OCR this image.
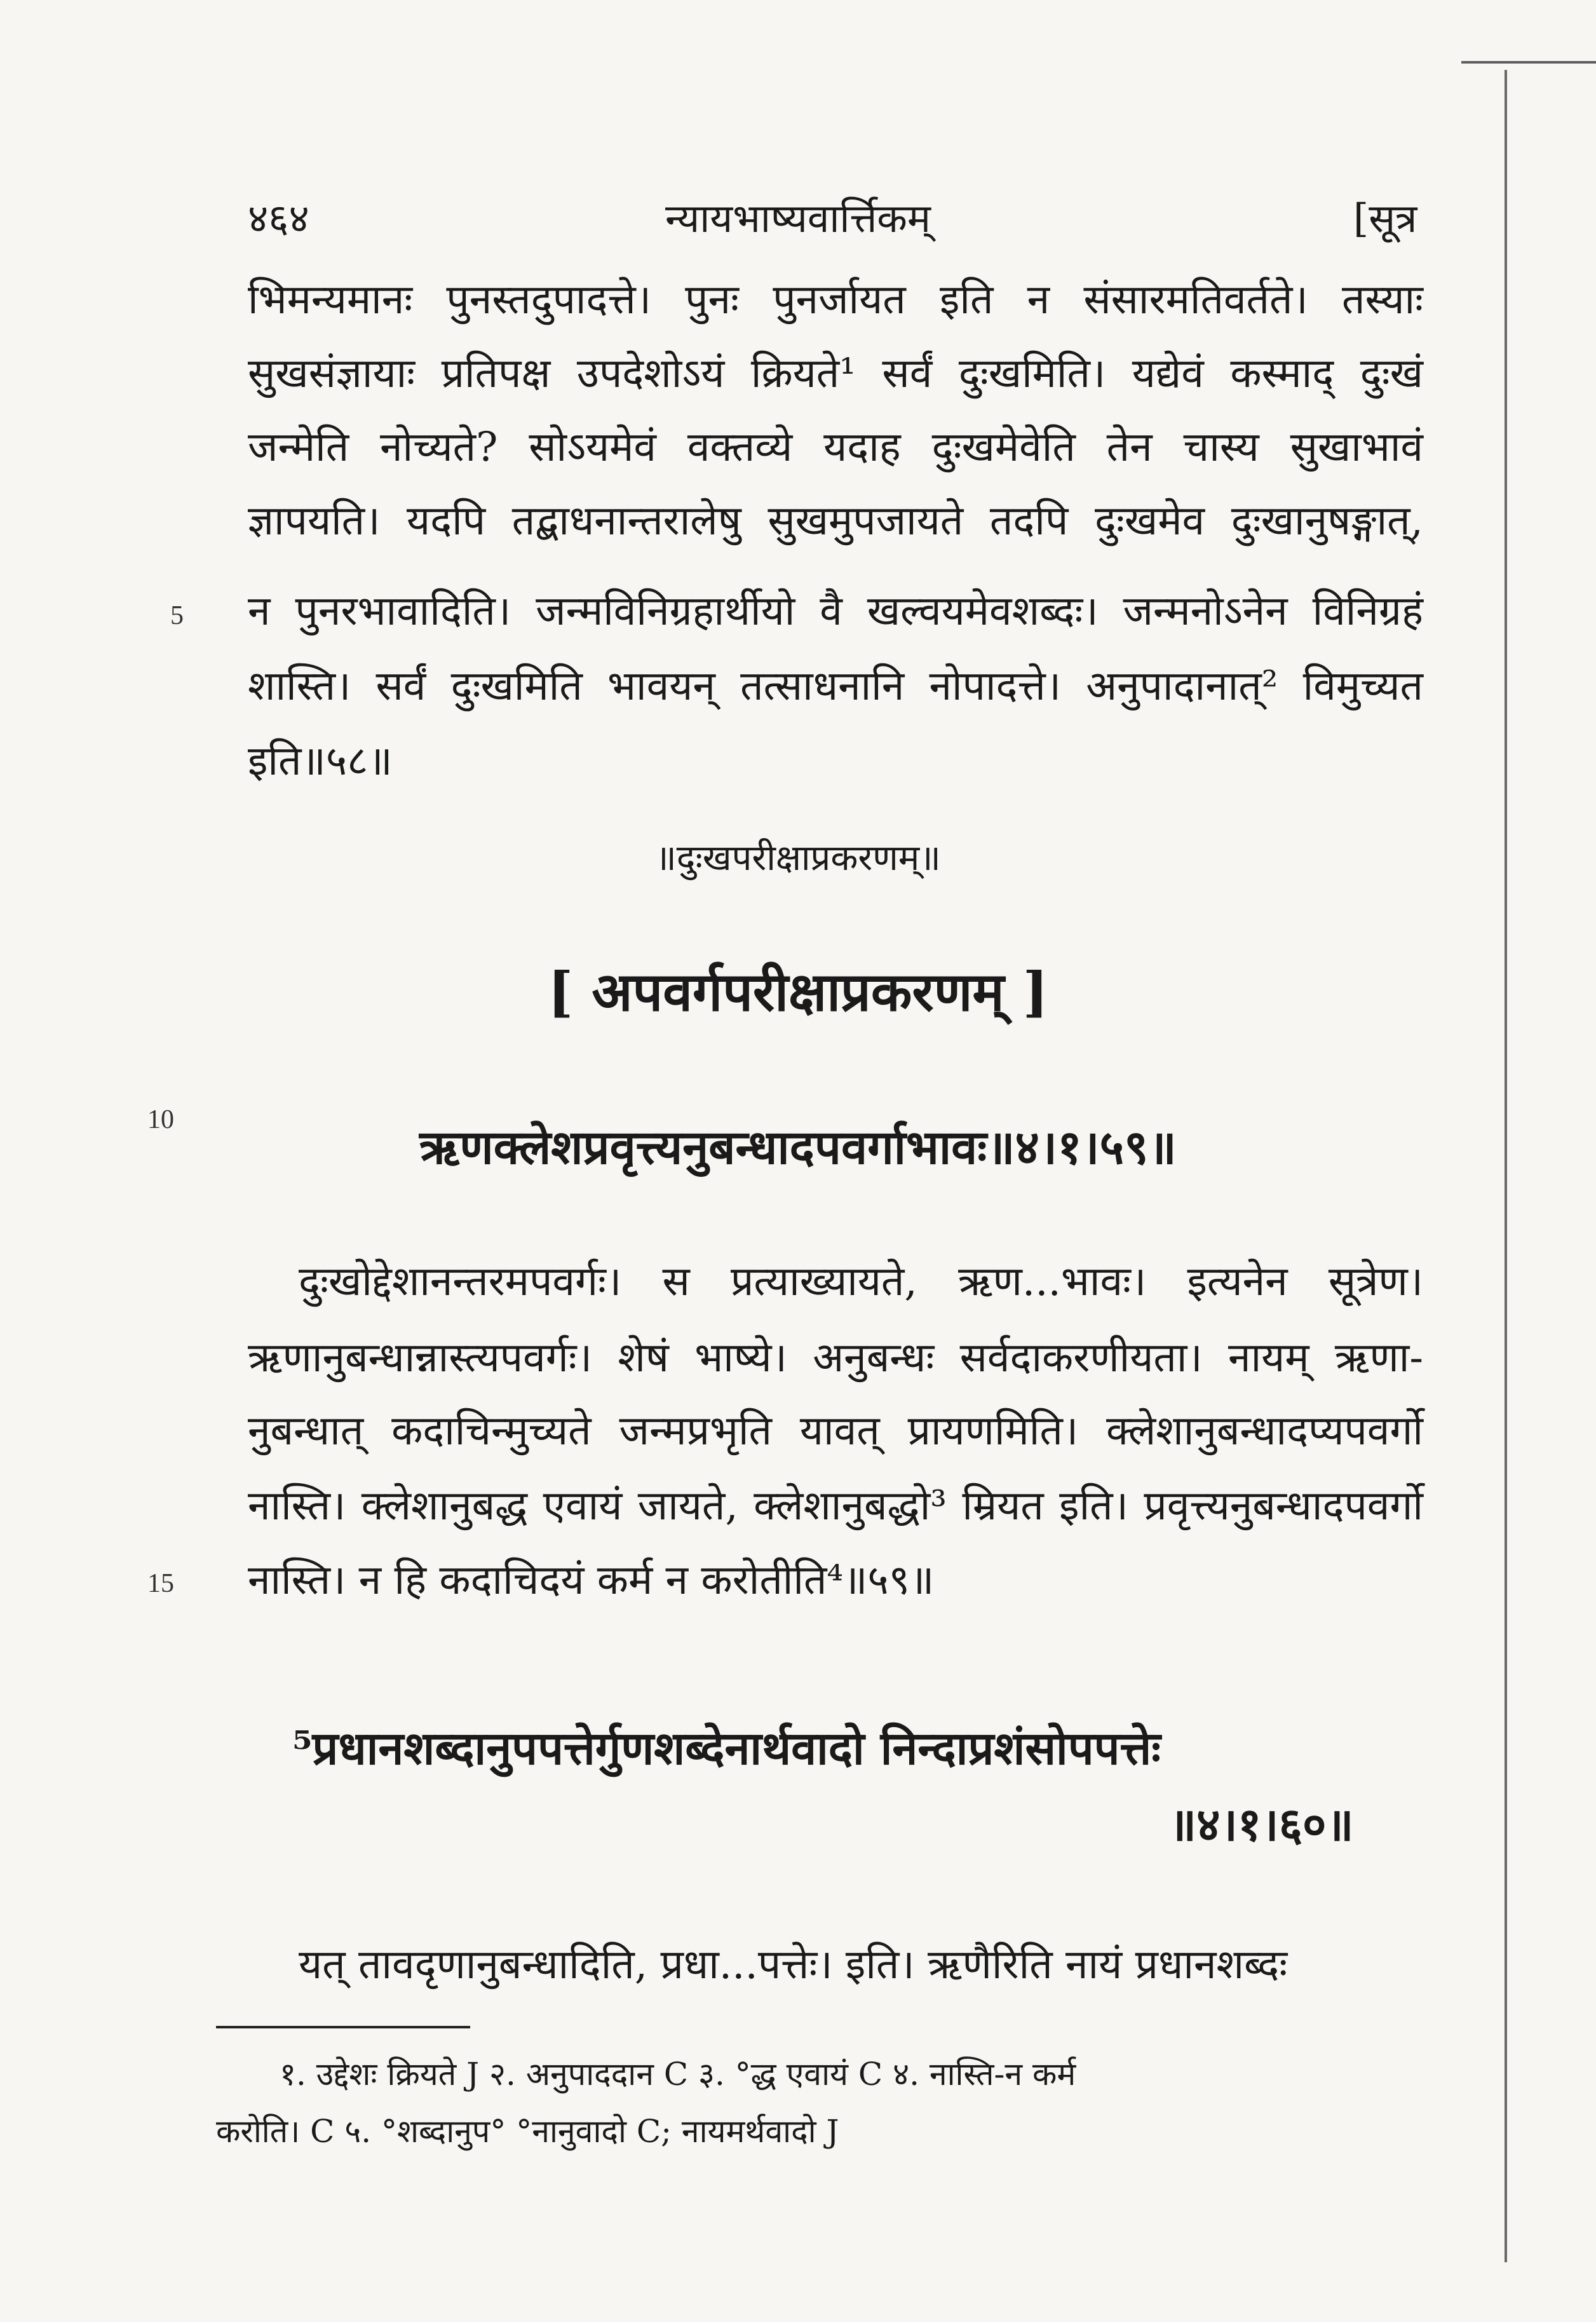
४६४	न्यायभाष्यवार्त्तिकम्	[सूत्र
भिमन्यमानः पुनस्तदुपादत्ते। पुनः पुनर्जायत इति न संसारमतिवर्तते। तस्याः
सुखसंज्ञायाः प्रतिपक्ष उपदेशोऽयं क्रियते¹ सर्वं दुःखमिति। यद्येवं कस्माद् दुःखं
जन्मेति नोच्यते? सोऽयमेवं वक्तव्ये यदाह दुःखमेवेति तेन चास्य सुखाभावं
ज्ञापयति। यदपि तद्बाधनान्तरालेषु सुखमुपजायते तदपि दुःखमेव दुःखानुषङ्गात्,
5 न पुनरभावादिति। जन्मविनिग्रहार्थीयो वै खल्वयमेवशब्दः। जन्मनोऽनेन विनिग्रहं
शास्ति। सर्वं दुःखमिति भावयन् तत्साधनानि नोपादत्ते। अनुपादानात्² विमुच्यत
इति॥५८॥
॥दुःखपरीक्षाप्रकरणम्॥
[ अपवर्गपरीक्षाप्रकरणम् ]
10
ऋणक्लेशप्रवृत्त्यनुबन्धादपवर्गाभावः॥४।१।५९॥
दुःखोद्देशानन्तरमपवर्गः। स प्रत्याख्यायते, ऋण...भावः। इत्यनेन सूत्रेण।
ऋणानुबन्धान्नास्त्यपवर्गः। शेषं भाष्ये। अनुबन्धः सर्वदाकरणीयता। नायम् ऋणा-
नुबन्धात् कदाचिन्मुच्यते जन्मप्रभृति यावत् प्रायणमिति। क्लेशानुबन्धादप्यपवर्गो
नास्ति। क्लेशानुबद्ध एवायं जायते, क्लेशानुबद्धो³ म्रियत इति। प्रवृत्त्यनुबन्धादपवर्गो
15 नास्ति। न हि कदाचिदयं कर्म न करोतीति⁴॥५९॥
⁵प्रधानशब्दानुपपत्तेर्गुणशब्देनार्थवादो निन्दाप्रशंसोपपत्तेः
॥४।१।६०॥
यत् तावदृणानुबन्धादिति, प्रधा...पत्तेः। इति। ऋणैरिति नायं प्रधानशब्दः
१. उद्देशः क्रियते J २. अनुपाददान C ३. °द्ध एवायं C ४. नास्ति-न कर्म
करोति। C ५. °शब्दानुप° °नानुवादो C; नायमर्थवादो J
